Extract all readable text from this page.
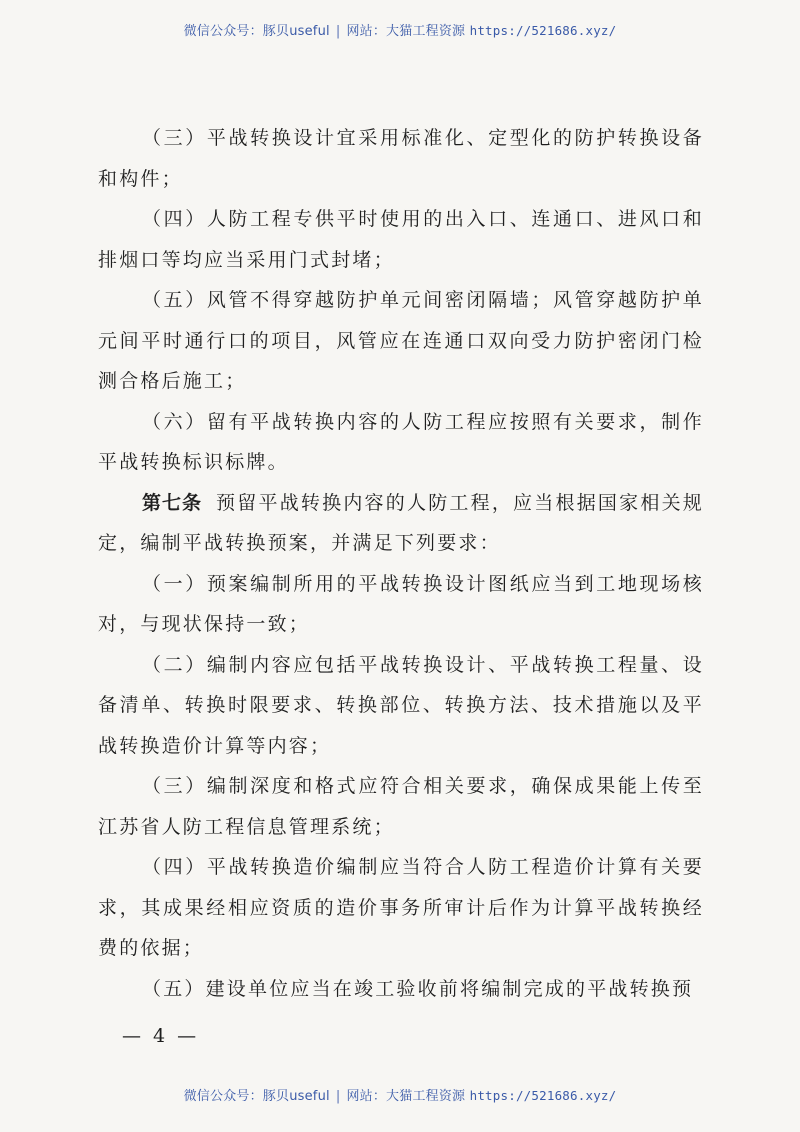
微信公众号：豚贝useful | 网站：大猫工程资源 https://521686.xyz/

（三）平战转换设计宜采用标准化、定型化的防护转换设备和构件；

（四）人防工程专供平时使用的出入口、连通口、进风口和排烟口等均应当采用门式封堵；

（五）风管不得穿越防护单元间密闭隔墙；风管穿越防护单元间平时通行口的项目，风管应在连通口双向受力防护密闭门检测合格后施工；

（六）留有平战转换内容的人防工程应按照有关要求，制作平战转换标识标牌。

第七条 预留平战转换内容的人防工程，应当根据国家相关规定，编制平战转换预案，并满足下列要求：

（一）预案编制所用的平战转换设计图纸应当到工地现场核对，与现状保持一致；

（二）编制内容应包括平战转换设计、平战转换工程量、设备清单、转换时限要求、转换部位、转换方法、技术措施以及平战转换造价计算等内容；

（三）编制深度和格式应符合相关要求，确保成果能上传至江苏省人防工程信息管理系统；

（四）平战转换造价编制应当符合人防工程造价计算有关要求，其成果经相应资质的造价事务所审计后作为计算平战转换经费的依据；

（五）建设单位应当在竣工验收前将编制完成的平战转换预

— 4 —
微信公众号：豚贝useful | 网站：大猫工程资源 https://521686.xyz/
